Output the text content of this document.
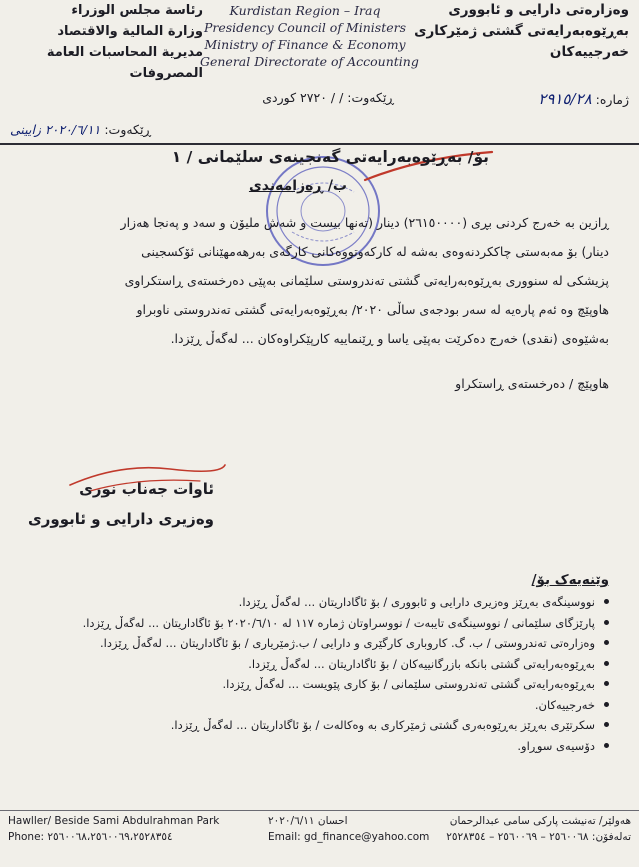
وەزارەتی دارایی و ئابووری
بەڕێوەبەرایەتی گشتی ژمێرکاری
خەرجییەکان
Kurdistan Region – Iraq
Presidency Council of Ministers
Ministry of Finance & Economy
General Directorate of Accounting
رئاسة مجلس الوزراء
وزارة المالية والاقتصاد
مديرية المحاسبات العامة
المصروفات
ژمارە: ٢٩١٥/٢٨
ڕێکەوت: / / ٢٧٢٠ کوردی
ڕێکەوت: ٢٠٢٠/٦/١١ زایینی
بۆ/ بەڕێوەبەرایەتی گەنجینەی سلێمانی / ١
ب/ ڕەزامەندی
ڕازین بە خەرج کردنی بڕی (٢٦١٥٠٠٠٠) دینار (تەنها بیست و شەش ملیۆن و سەد و پەنجا هەزار
دینار) بۆ مەبەستی چاککردنەوەی بەشە لە کارکەوتووەکانی کارگەی بەرهەمهێنانی ئۆکسجینی
پزیشکی لە سنووری بەڕێوەبەرایەتی گشتی تەندروستی سلێمانی بەپێی دەرخستەی ڕاستکراوی
هاوپێچ وە ئەم پارەیە لە سەر بودجەی ساڵی ٢٠٢٠/ بەڕێوەبەرایەتی گشتی تەندروستی ناوبراو
بەشێوەی (نقدی) خەرج دەکرێت بەپێی یاسا و ڕێنماییە کارپێکراوەکان ... لەگەڵ ڕێزدا.
هاوپێچ / دەرخستەی ڕاستکراو
ئاوات جەناب نوری
وەزیری دارایی و ئابووری
وێنەیەک بۆ/
نووسینگەی بەڕێز وەزیری دارایی و ئابووری / بۆ ئاگاداریتان ... لەگەڵ ڕێزدا.
پارێزگای سلێمانی / نووسینگەی تایبەت / نووسراوتان ژمارە ١١٧ لە ٢٠٢٠/٦/١٠ بۆ ئاگاداریتان ... لەگەڵ ڕێزدا.
وەزارەتی تەندروستی / ب. گ. کاروباری کارگێری و دارایی / ب.ژمێریاری / بۆ ئاگاداریتان ... لەگەڵ ڕێزدا.
بەڕێوەبەرایەتی گشتی بانکە بازرگانییەکان / بۆ ئاگاداریتان ... لەگەڵ ڕێزدا.
بەڕێوەبەرایەتی گشتی تەندروستی سلێمانی / بۆ کاری پێویست ... لەگەڵ ڕێزدا.
خەرجییەکان.
سکرتێری بەڕێز بەڕێوەبەری گشتی ژمێرکاری بە وەکالەت / بۆ ئاگاداریتان ... لەگەڵ ڕێزدا.
دۆسیەی سوڕاو.
Hawller/ Beside Sami Abdulrahman Park
Phone: ٢٥٦٠٠٦٨،٢٥٦٠٠٦٩،٢٥٢٨٣٥٤
احسان ٢٠٢٠/٦/١١
Email: gd_finance@yahoo.com
هەولێر/ تەنیشت پارکی سامی عبدالرحمان
تەلەفۆن: ٢٥٦٠٠٦٨ – ٢٥٦٠٠٦٩ – ٢٥٢٨٣٥٤
